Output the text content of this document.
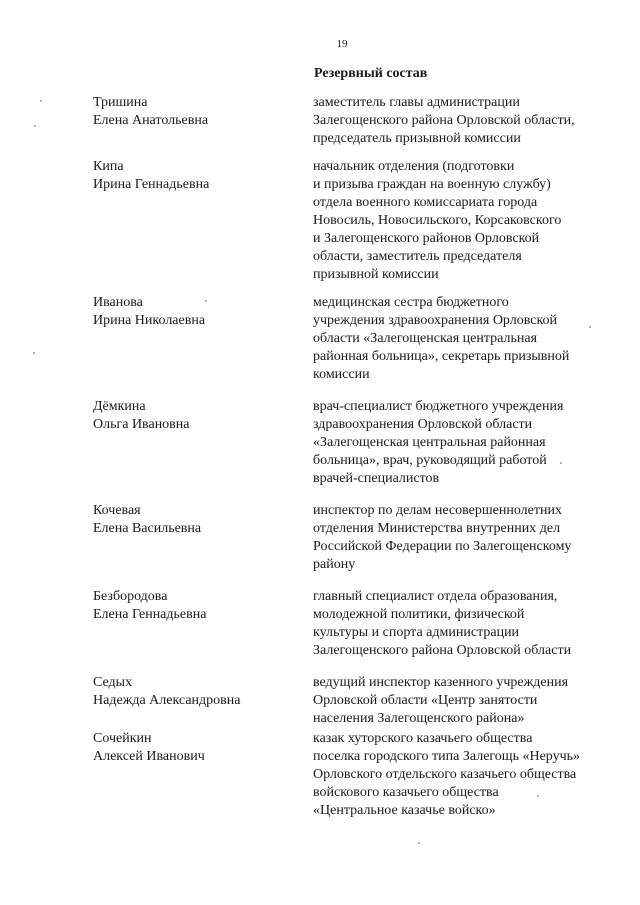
19
Резервный состав
Тришина
Елена Анатольевна
заместитель главы администрации
Залегощенского района Орловской области,
председатель призывной комиссии
Кипа
Ирина Геннадьевна
начальник отделения (подготовки
и призыва граждан на военную службу)
отдела военного комиссариата города
Новосиль, Новосильского, Корсаковского
и Залегощенского районов Орловской
области, заместитель председателя
призывной комиссии
Иванова
Ирина Николаевна
медицинская сестра бюджетного
учреждения здравоохранения Орловской
области «Залегощенская центральная
районная больница», секретарь призывной
комиссии
Дёмкина
Ольга Ивановна
врач-специалист бюджетного учреждения
здравоохранения Орловской области
«Залегощенская центральная районная
больница», врач, руководящий работой
врачей-специалистов
Кочевая
Елена Васильевна
инспектор по делам несовершеннолетних
отделения Министерства внутренних дел
Российской Федерации по Залегощенскому
району
Безбородова
Елена Геннадьевна
главный специалист отдела образования,
молодежной политики, физической
культуры и спорта администрации
Залегощенского района Орловской области
Седых
Надежда Александровна
ведущий инспектор казенного учреждения
Орловской области «Центр занятости
населения Залегощенского района»
Сочейкин
Алексей Иванович
казак хуторского казачьего общества
поселка городского типа Залегощь «Неручь»
Орловского отдельского казачьего общества
войскового казачьего общества
«Центральное казачье войско»
